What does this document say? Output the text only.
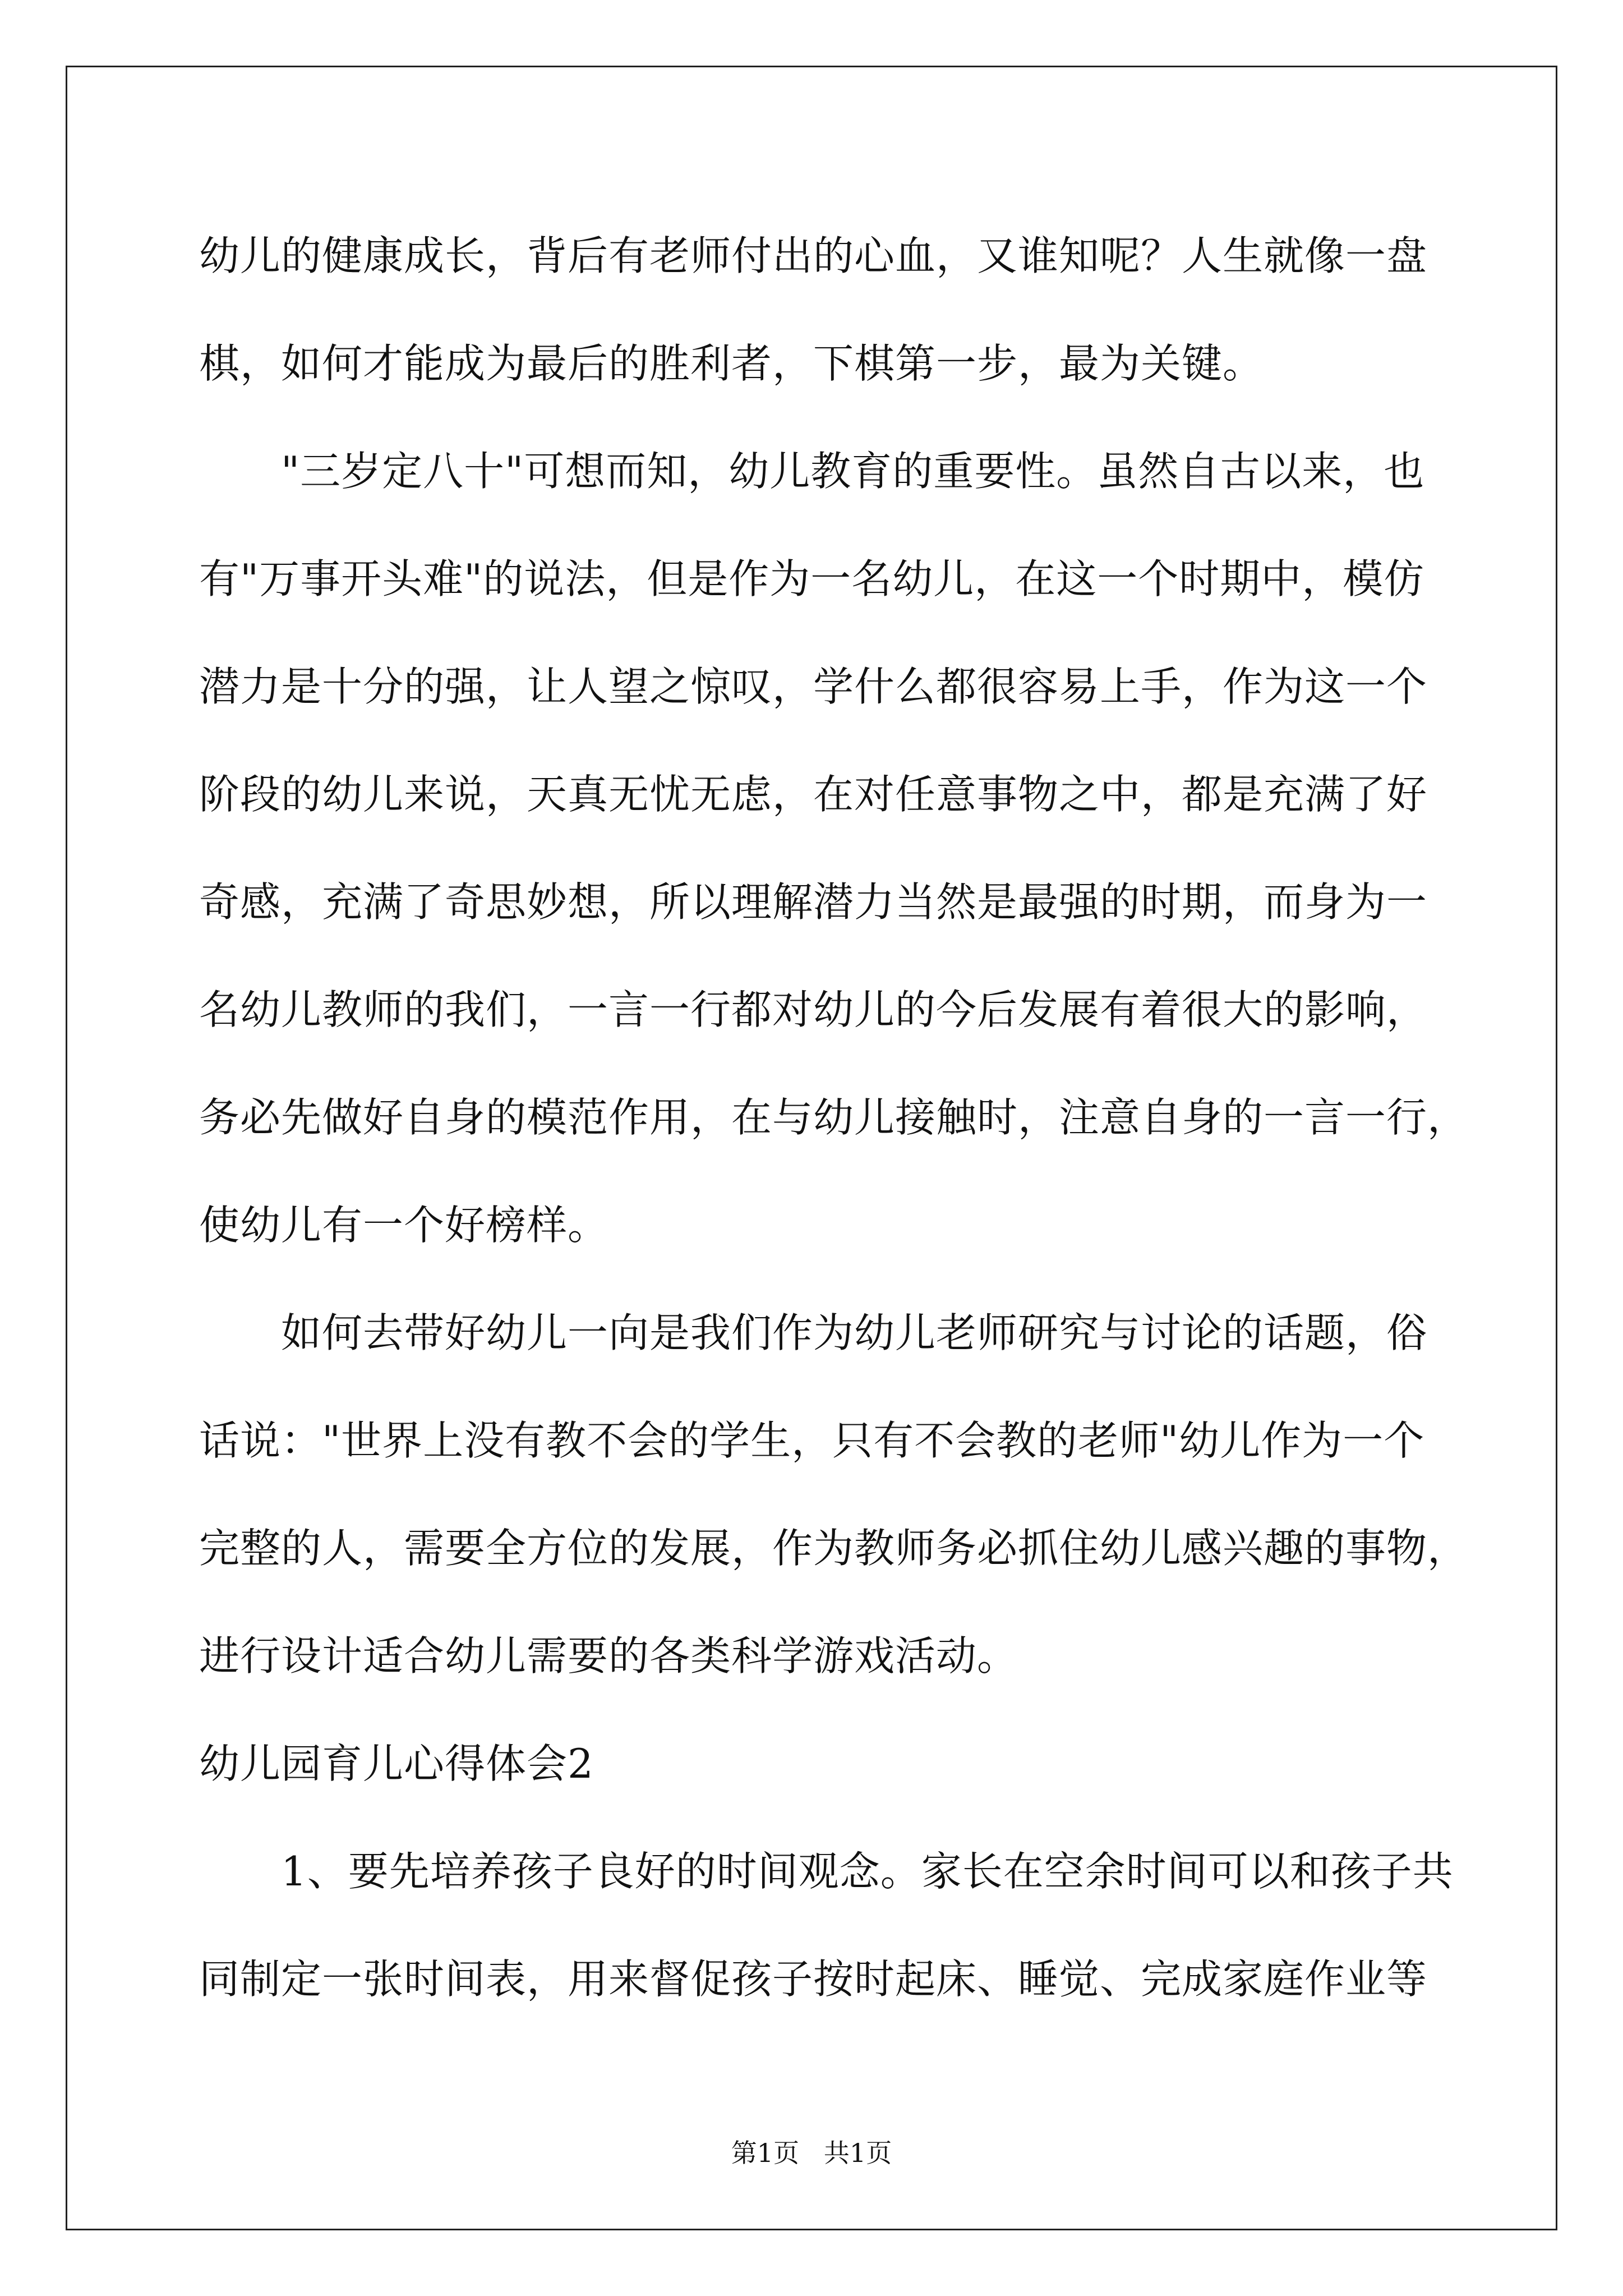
幼儿的健康成长，背后有老师付出的心血，又谁知呢？人生就像一盘
棋，如何才能成为最后的胜利者，下棋第一步，最为关键。
"三岁定八十"可想而知，幼儿教育的重要性。虽然自古以来，也
有"万事开头难"的说法，但是作为一名幼儿，在这一个时期中，模仿
潜力是十分的强，让人望之惊叹，学什么都很容易上手，作为这一个
阶段的幼儿来说，天真无忧无虑，在对任意事物之中，都是充满了好
奇感，充满了奇思妙想，所以理解潜力当然是最强的时期，而身为一
名幼儿教师的我们，一言一行都对幼儿的今后发展有着很大的影响，
务必先做好自身的模范作用，在与幼儿接触时，注意自身的一言一行，
使幼儿有一个好榜样。
如何去带好幼儿一向是我们作为幼儿老师研究与讨论的话题，俗
话说："世界上没有教不会的学生，只有不会教的老师"幼儿作为一个
完整的人，需要全方位的发展，作为教师务必抓住幼儿感兴趣的事物，
进行设计适合幼儿需要的各类科学游戏活动。
幼儿园育儿心得体会2
1、要先培养孩子良好的时间观念。家长在空余时间可以和孩子共
同制定一张时间表，用来督促孩子按时起床、睡觉、完成家庭作业等
第1页   共1页
